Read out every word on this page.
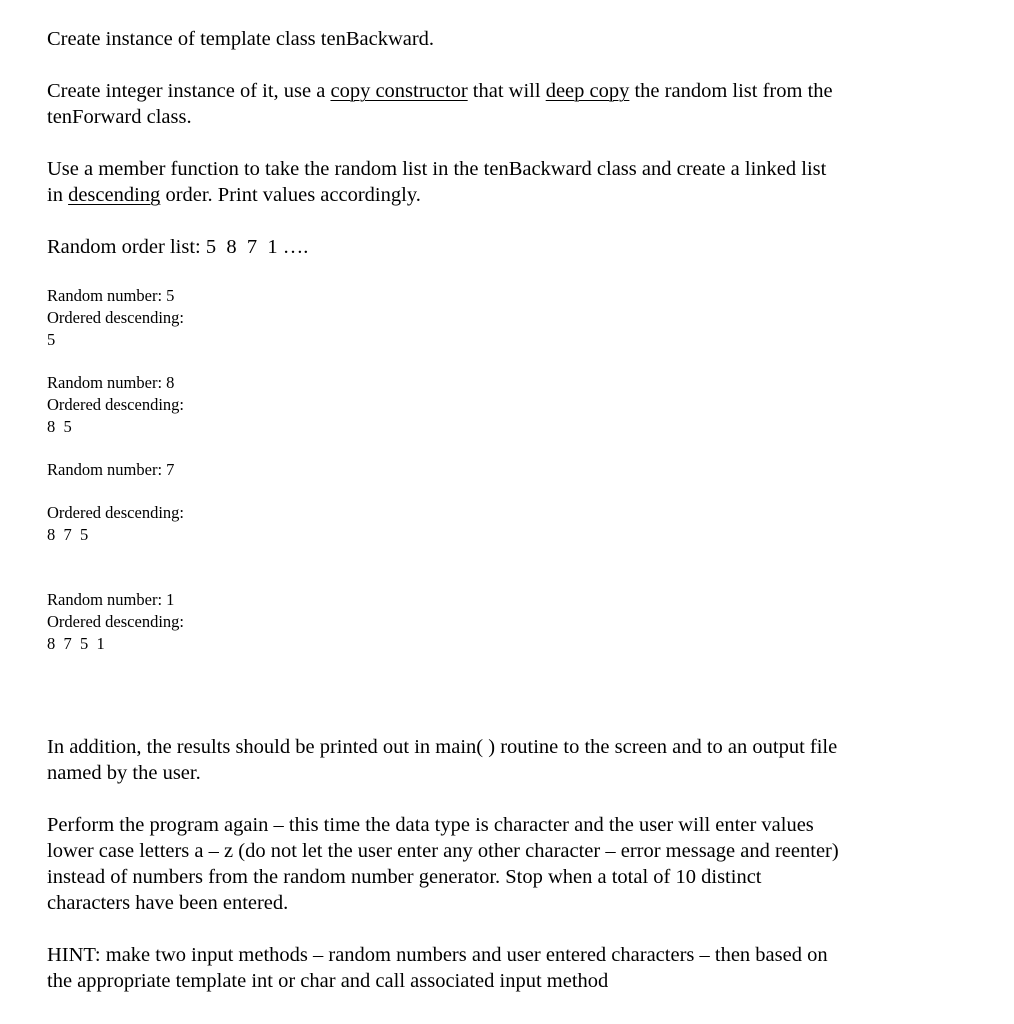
Create instance of template class tenBackward.
Create integer instance of it, use a copy constructor that will deep copy the random list from the
tenForward class.
Use a member function to take the random list in the tenBackward class and create a linked list
in descending order. Print values accordingly.
Random order list: 5  8  7  1 ….
Random number: 5
Ordered descending:
5
Random number: 8
Ordered descending:
8  5
Random number: 7
Ordered descending:
8  7  5
Random number: 1
Ordered descending:
8  7  5  1
In addition, the results should be printed out in main( ) routine to the screen and to an output file
named by the user.
Perform the program again – this time the data type is character and the user will enter values
lower case letters a – z (do not let the user enter any other character – error message and reenter)
instead of numbers from the random number generator. Stop when a total of 10 distinct
characters have been entered.
HINT: make two input methods – random numbers and user entered characters – then based on
the appropriate template int or char and call associated input method
